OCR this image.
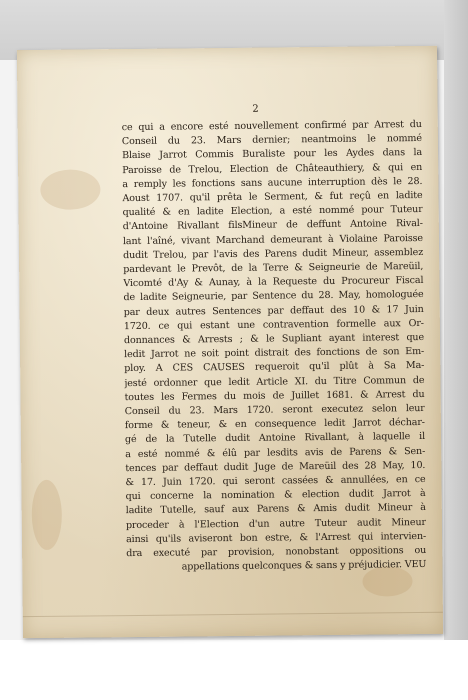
2
ce qui a encore esté nouvellement confirmé par Arrest du
Conseil du 23. Mars dernier; neantmoins le nommé
Blaise Jarrot Commis Buraliste pour les Aydes dans la
Paroisse de Trelou, Election de Châteauthiery, & qui en
a remply les fonctions sans aucune interruption dès le 28.
Aoust 1707. qu'il prêta le Serment, & fut reçû en ladite
qualité & en ladite Election, a esté nommé pour Tuteur
d'Antoine Rivallant filsMineur de deffunt Antoine Rival-
lant l'aîné, vivant Marchand demeurant à Violaine Paroisse
dudit Trelou, par l'avis des Parens dudit Mineur, assemblez
pardevant le Prevôt, de la Terre & Seigneurie de Mareüil,
Vicomté d'Ay & Aunay, à la Requeste du Procureur Fiscal
de ladite Seigneurie, par Sentence du 28. May, homologuée
par deux autres Sentences par deffaut des 10 & 17 Juin
1720. ce qui estant une contravention formelle aux Or-
donnances & Arrests ; & le Supliant ayant interest que
ledit Jarrot ne soit point distrait des fonctions de son Em-
ploy. A CES CAUSES requeroit qu'il plût à Sa Ma-
jesté ordonner que ledit Article XI. du Titre Commun de
toutes les Fermes du mois de Juillet 1681. & Arrest du
Conseil du 23. Mars 1720. seront executez selon leur
forme & teneur, & en consequence ledit Jarrot déchar-
gé de la Tutelle dudit Antoine Rivallant, à laquelle il
a esté nommé & élû par lesdits avis de Parens & Sen-
tences par deffaut dudit Juge de Mareüil des 28 May, 10.
& 17. Juin 1720. qui seront cassées & annullées, en ce
qui concerne la nomination & election dudit Jarrot à
ladite Tutelle, sauf aux Parens & Amis dudit Mineur à
proceder à l'Election d'un autre Tuteur audit Mineur
ainsi qu'ils aviseront bon estre, & l'Arrest qui intervien-
dra executé par provision, nonobstant oppositions ou
appellations quelconques & sans y préjudicier. VEU
